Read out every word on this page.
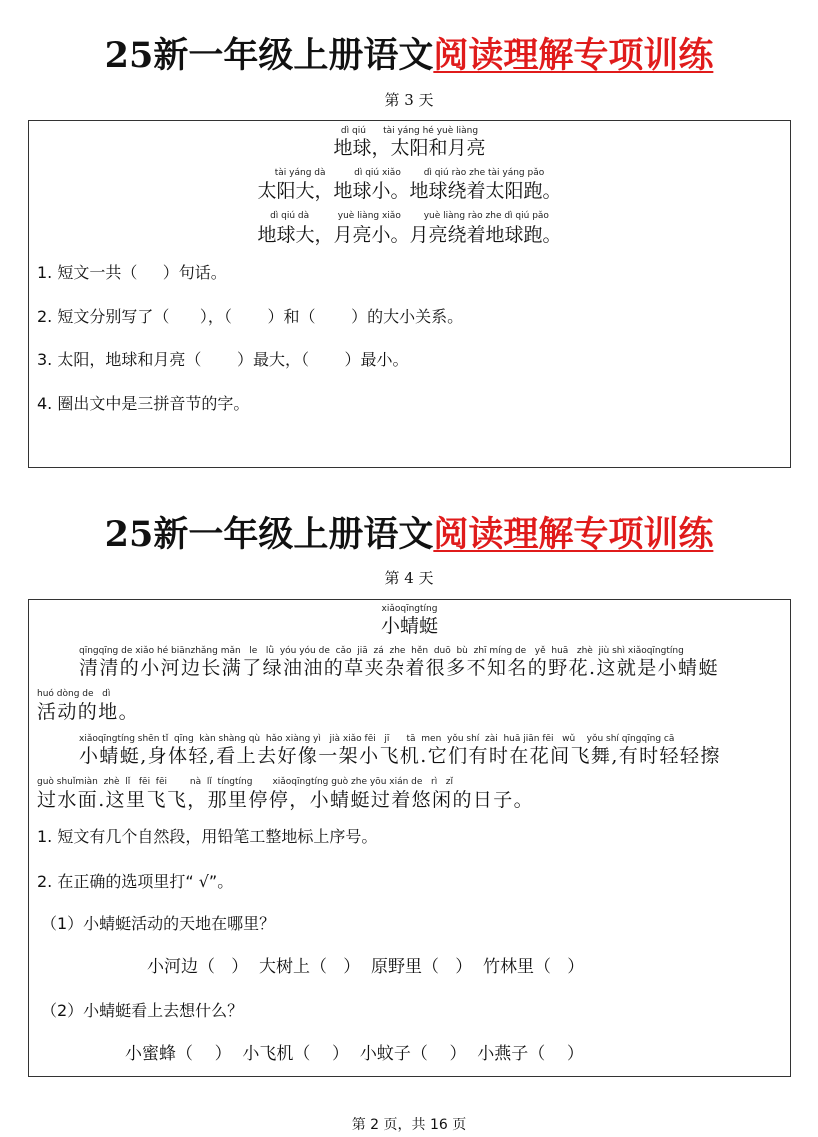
25新一年级上册语文阅读理解专项训练
第 3 天
dì qiú      tài yáng hé yuè liàng
地球，太阳和月亮
tài yáng dà          dì qiú xiǎo        dì qiú rào zhe tài yáng pǎo
太阳大，地球小。地球绕着太阳跑。
dì qiú dà          yuè liàng xiǎo        yuè liàng rào zhe dì qiú pǎo
地球大，月亮小。月亮绕着地球跑。
1. 短文一共（     ）句话。
2. 短文分别写了（      ），（       ）和（       ）的大小关系。
3. 太阳，地球和月亮（       ）最大，（       ）最小。
4. 圈出文中是三拼音节的字。
25新一年级上册语文阅读理解专项训练
第 4 天
xiǎoqīngtíng
小蜻蜓
qīngqīng de xiǎo hé biānzhǎng mǎn   le   lǜ  yóu yóu de  cǎo  jiā  zá  zhe  hěn  duō  bù  zhī míng de   yě  huā   zhè  jiù shì xiǎoqīngtíng
清清的小河边长满了绿油油的草夹杂着很多不知名的野花.这就是小蜻蜓
huó dòng de   dì
活动的地。
xiǎoqīngtíng shēn tǐ  qīng  kàn shàng qù  hǎo xiàng yì   jià xiǎo fēi   jī      tā  men  yǒu shí  zài  huā jiān fēi   wǔ    yǒu shí qīngqīng cā
小蜻蜓,身体轻,看上去好像一架小飞机.它们有时在花间飞舞,有时轻轻擦
guò shuǐmiàn  zhè  lǐ   fēi  fēi        nà  lǐ  tíngtíng       xiǎoqīngtíng guò zhe yōu xián de   rì   zǐ
过水面.这里飞飞，那里停停，小蜻蜓过着悠闲的日子。
1. 短文有几个自然段，用铅笔工整地标上序号。
2. 在正确的选项里打“ √”。
（1）小蜻蜓活动的天地在哪里？
小河边（   ）  大树上（   ）  原野里（   ）  竹林里（   ）
（2）小蜻蜓看上去想什么？
小蜜蜂（    ）  小飞机（    ）  小蚊子（    ）  小燕子（    ）
第 2 页，共 16 页
